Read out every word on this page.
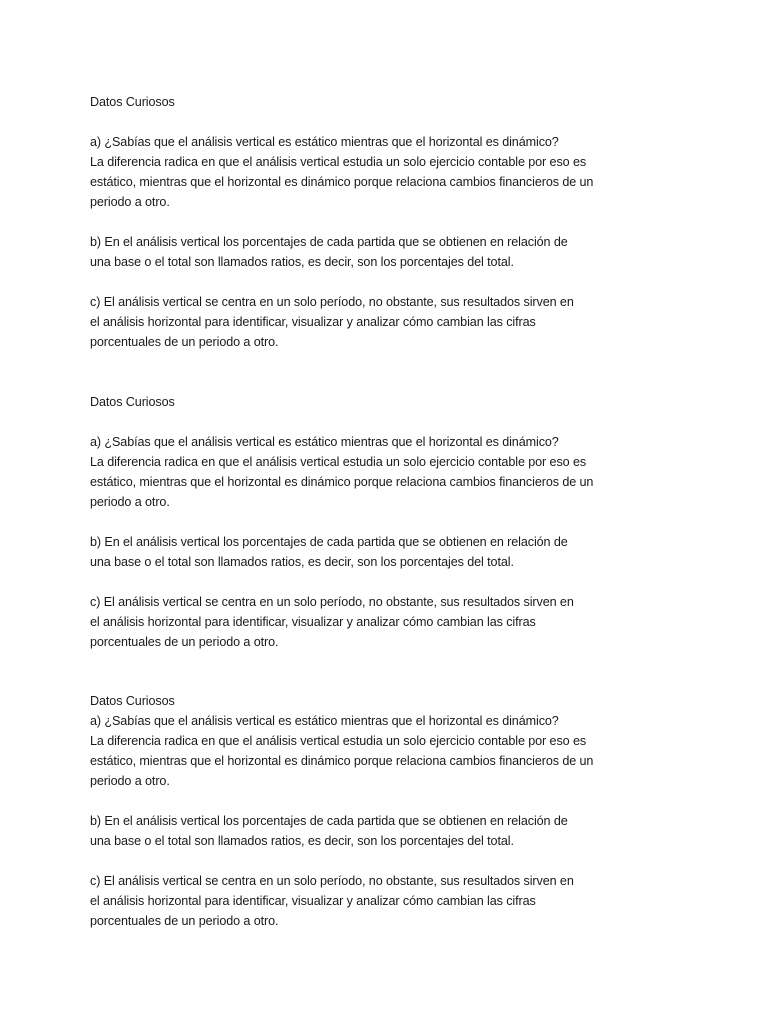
Datos Curiosos

a) ¿Sabías que el análisis vertical es estático mientras que el horizontal es dinámico?

La diferencia radica en que el análisis vertical estudia un solo ejercicio contable por eso es

estático, mientras que el horizontal es dinámico porque relaciona cambios financieros de un

periodo a otro.

b) En el análisis vertical los porcentajes de cada partida que se obtienen en relación de

una base o el total son llamados ratios, es decir, son los porcentajes del total.

c) El análisis vertical se centra en un solo período, no obstante, sus resultados sirven en

el análisis horizontal para identificar, visualizar y analizar cómo cambian las cifras

porcentuales de un periodo a otro.

Datos Curiosos

a) ¿Sabías que el análisis vertical es estático mientras que el horizontal es dinámico?

La diferencia radica en que el análisis vertical estudia un solo ejercicio contable por eso es

estático, mientras que el horizontal es dinámico porque relaciona cambios financieros de un

periodo a otro.

b) En el análisis vertical los porcentajes de cada partida que se obtienen en relación de

una base o el total son llamados ratios, es decir, son los porcentajes del total.

c) El análisis vertical se centra en un solo período, no obstante, sus resultados sirven en

el análisis horizontal para identificar, visualizar y analizar cómo cambian las cifras

porcentuales de un periodo a otro.

Datos Curiosos

a) ¿Sabías que el análisis vertical es estático mientras que el horizontal es dinámico?

La diferencia radica en que el análisis vertical estudia un solo ejercicio contable por eso es

estático, mientras que el horizontal es dinámico porque relaciona cambios financieros de un

periodo a otro.

b) En el análisis vertical los porcentajes de cada partida que se obtienen en relación de

una base o el total son llamados ratios, es decir, son los porcentajes del total.

c) El análisis vertical se centra en un solo período, no obstante, sus resultados sirven en

el análisis horizontal para identificar, visualizar y analizar cómo cambian las cifras

porcentuales de un periodo a otro.
